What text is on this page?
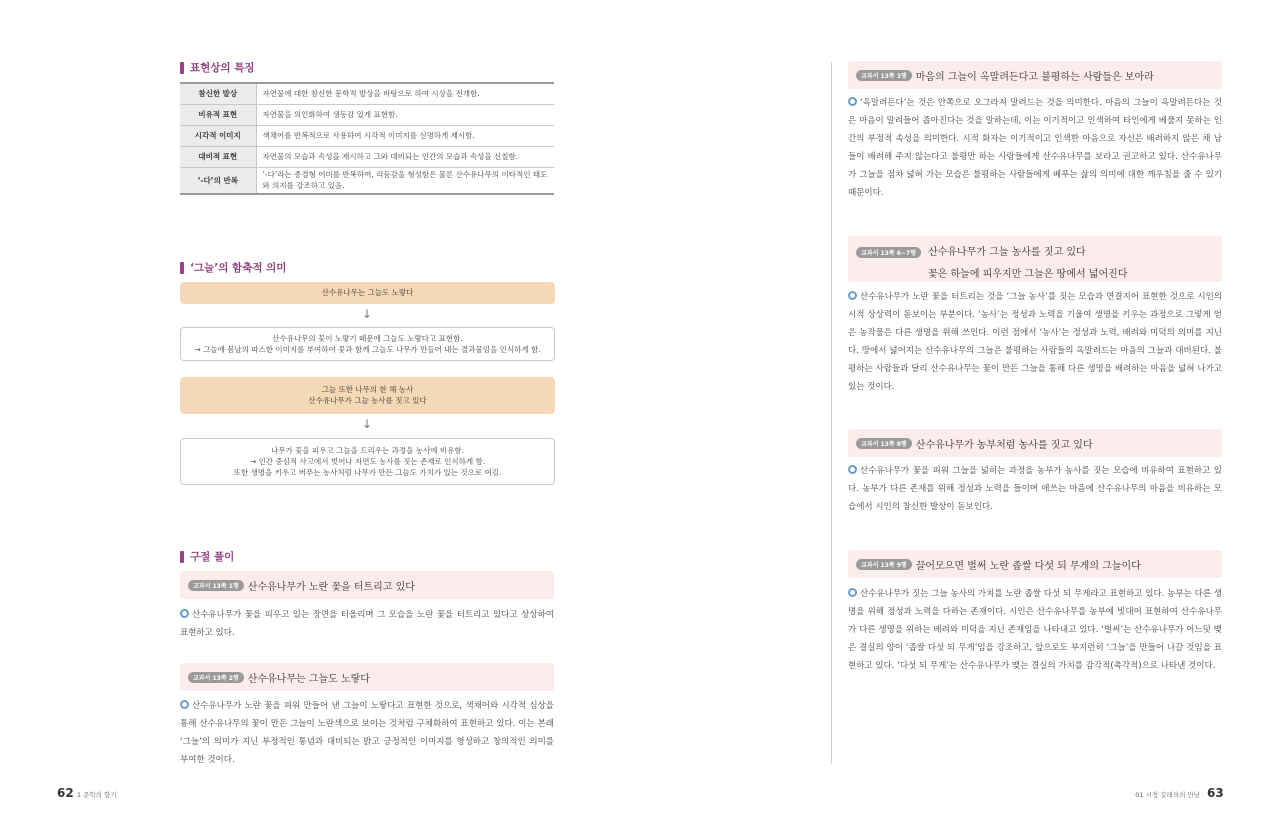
표현상의 특징
참신한 발상	자연물에 대한 참신한 문학적 발상을 바탕으로 하여 시상을 전개함.
비유적 표현	자연물을 의인화하여 생동감 있게 표현함.
시각적 이미지	색채어를 반복적으로 사용하여 시각적 이미지를 선명하게 제시함.
대비적 표현	자연물의 모습과 속성을 제시하고 그와 대비되는 인간의 모습과 속성을 신칠함.
‘-다’의 반복	‘-다’라는 종결형 어미를 반복하여, 리듬감을 형성함은 물론 산수유나무의 이타적인 태도와 의지를 강조하고 있음.
‘그늘’의 함축적 의미
산수유나무는 그늘도 노랗다
↓
산수유나무의 꽃이 노랗기 때문에 그늘도 노랗다고 표현함.
→ 그늘에 봄날의 따스한 이미지를 부여하여 꽃과 함께 그늘도 나무가 만들어 내는 결과물임을 인식하게 함.
그늘 또한 나무의 한 해 농사
산수유나무가 그늘 농사를 짓고 있다
↓
나무가 꽃을 피우고 그늘을 드리우는 과정을 농사에 비유함.
→ 인간 중심적 사고에서 벗어나 자연도 농사를 짓는 존재로 인식하게 함.
또한 생명을 키우고 버푸는 농사처럼 나무가 만든 그늘도 가치가 있는 것으로 여김.
구절 풀이
교과서 13쪽 1행 산수유나무가 노란 꽃을 터트리고 있다
산수유나무가 꽃을 피우고 있는 장면을 터올리며 그 모습을 노란 꽃을 터트리고 있다고 상상하여 표현하고 있다.
교과서 13쪽 2행 산수유나무는 그늘도 노랗다
산수유나무가 노란 꽃을 피워 만들어 낸 그늘이 노랗다고 표현한 것으로, 색채어와 시각적 심상을 통해 산수유나무의 꽃이 만든 그늘이 노란색으로 보이는 것처럼 구체화하여 표현하고 있다. 이는 본래 ‘그늘’의 의미가 지닌 부정적인 통념과 대비되는 밝고 긍정적인 이미지를 형성하고 창의적인 의미를 부여한 것이다.
62 1 문학의 향기
교과서 13쪽 3행 마음의 그늘이 옥말려든다고 불평하는 사람들은 보아라
‘옥말려든다’는 것은 안쪽으로 오그라져 말려드는 것을 의미한다. 마음의 그늘이 옥말려든다는 것은 마음이 말려들어 좁아진다는 것을 말하는데, 이는 이기적이고 인색하여 타인에게 베풀지 못하는 인간의 부정적 속성을 의미한다. 시적 화자는 이기적이고 인색한 마음으로 자신은 배려하지 않은 채 남들이 배려해 주지 않는다고 불평만 하는 사람들에게 산수유나무를 보라고 권고하고 있다. 산수유나무가 그늘을 점차 넓혀 가는 모습은 불평하는 사람들에게 베푸는 삶의 의미에 대한 깨우침을 줄 수 있기 때문이다.
교과서 13쪽 6~7행 산수유나무가 그늘 농사를 짓고 있다
꽃은 하늘에 피우지만 그늘은 땅에서 넓어진다
산수유나무가 노란 꽃을 터트리는 것을 ‘그늘 농사’를 짓는 모습과 연결지어 표현한 것으로 시인의 시적 상상력이 돋보이는 부분이다. ‘농사’는 정성과 노력을 기울여 생명을 키우는 과정으로 그렇게 얻은 농작물은 다른 생명을 위해 쓰인다. 이런 점에서 ‘농사’는 정성과 노력, 배려와 미덕의 의미를 지닌다. 땅에서 넓어지는 산수유나무의 그늘은 불평하는 사람들의 옥말려드는 마음의 그늘과 대비된다. 불평하는 사람들과 달리 산수유나무는 꽃이 만든 그늘을 통해 다른 생명을 배려하는 마음을 넓혀 나가고 있는 것이다.
교과서 13쪽 8행 산수유나무가 농부처럼 농사를 짓고 있다
산수유나무가 꽃을 피워 그늘을 넓히는 과정을 농부가 농사를 짓는 모습에 비유하여 표현하고 있다. 농부가 다른 존재를 위해 정성과 노력을 들이며 애쓰는 마음에 산수유나무의 마음을 비유하는 모습에서 시인의 참신한 발상이 돋보인다.
교과서 13쪽 9행 끌어모으면 벌써 노란 좁쌀 다섯 되 무게의 그늘이다
산수유나무가 짓는 그늘 농사의 가치를 노란 좁쌀 다섯 되 무게라고 표현하고 있다. 농부는 다른 생명을 위해 정성과 노력을 다하는 존재이다. 시인은 산수유나무를 농부에 빗대어 표현하여 산수유나무가 다른 생명을 위하는 배려와 미덕을 지닌 존재임을 나타내고 있다. ‘벌써’는 산수유나무가 어느덧 맺은 결실의 양이 ‘좁쌀 다섯 되 무게’임을 강조하고, 앞으로도 부지런히 ‘그늘’을 만들어 나갈 것임을 표현하고 있다. ‘다섯 되 무게’는 산수유나무가 맺는 결실의 가치를 감각적(촉각적)으로 나타낸 것이다.
01 시정 갈래의의 만남 63
